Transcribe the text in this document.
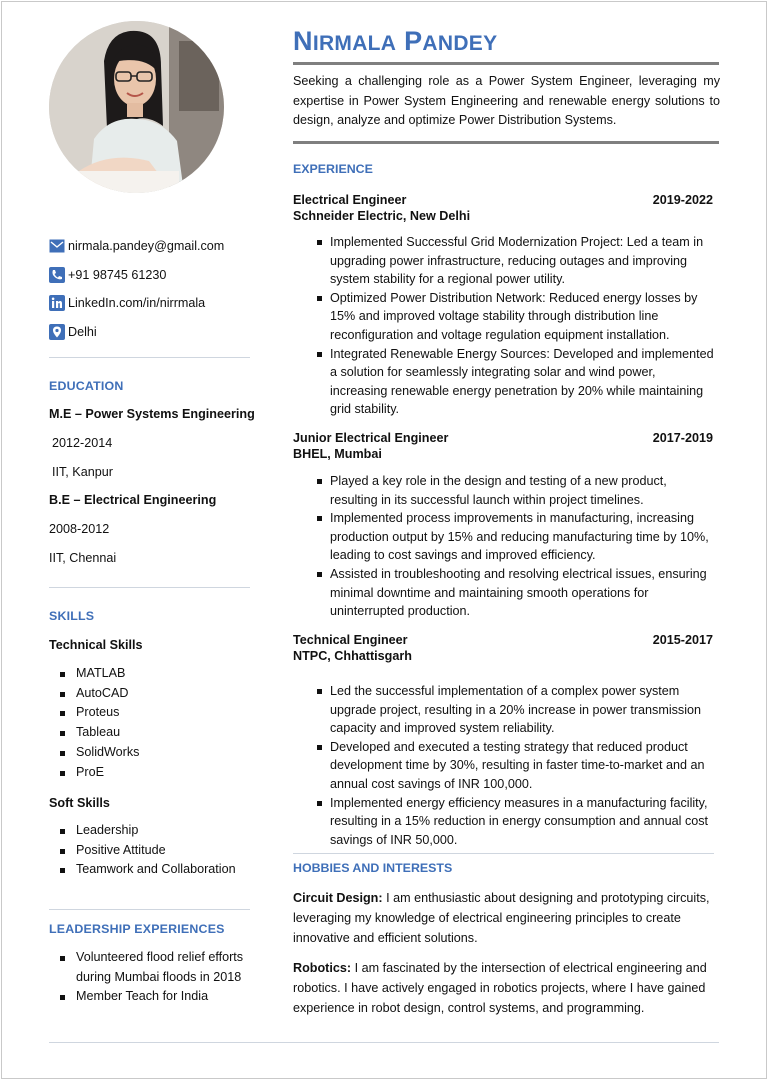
nirmala.pandey@gmail.com
+91 98745 61230
LinkedIn.com/in/nirrmala
Delhi
EDUCATION
M.E – Power Systems Engineering
2012-2014
IIT, Kanpur
B.E – Electrical Engineering
2008-2012
IIT, Chennai
SKILLS
Technical Skills
MATLAB
AutoCAD
Proteus
Tableau
SolidWorks
ProE
Soft Skills
Leadership
Positive Attitude
Teamwork and Collaboration
LEADERSHIP EXPERIENCES
Volunteered flood relief efforts during Mumbai floods in 2018
Member Teach for India
NIRMALA PANDEY
Seeking a challenging role as a Power System Engineer, leveraging my expertise in Power System Engineering and renewable energy solutions to design, analyze and optimize Power Distribution Systems.
EXPERIENCE
Electrical Engineer
Schneider Electric, New Delhi
2019-2022
Implemented Successful Grid Modernization Project: Led a team in upgrading power infrastructure, reducing outages and improving system stability for a regional power utility.
Optimized Power Distribution Network: Reduced energy losses by 15% and improved voltage stability through distribution line reconfiguration and voltage regulation equipment installation.
Integrated Renewable Energy Sources: Developed and implemented a solution for seamlessly integrating solar and wind power, increasing renewable energy penetration by 20% while maintaining grid stability.
Junior Electrical Engineer
BHEL, Mumbai
2017-2019
Played a key role in the design and testing of a new product, resulting in its successful launch within project timelines.
Implemented process improvements in manufacturing, increasing production output by 15% and reducing manufacturing time by 10%, leading to cost savings and improved efficiency.
Assisted in troubleshooting and resolving electrical issues, ensuring minimal downtime and maintaining smooth operations for uninterrupted production.
Technical Engineer
NTPC, Chhattisgarh
2015-2017
Led the successful implementation of a complex power system upgrade project, resulting in a 20% increase in power transmission capacity and improved system reliability.
Developed and executed a testing strategy that reduced product development time by 30%, resulting in faster time-to-market and an annual cost savings of INR 100,000.
Implemented energy efficiency measures in a manufacturing facility, resulting in a 15% reduction in energy consumption and annual cost savings of INR 50,000.
HOBBIES AND INTERESTS
Circuit Design: I am enthusiastic about designing and prototyping circuits, leveraging my knowledge of electrical engineering principles to create innovative and efficient solutions.
Robotics: I am fascinated by the intersection of electrical engineering and robotics. I have actively engaged in robotics projects, where I have gained experience in robot design, control systems, and programming.
